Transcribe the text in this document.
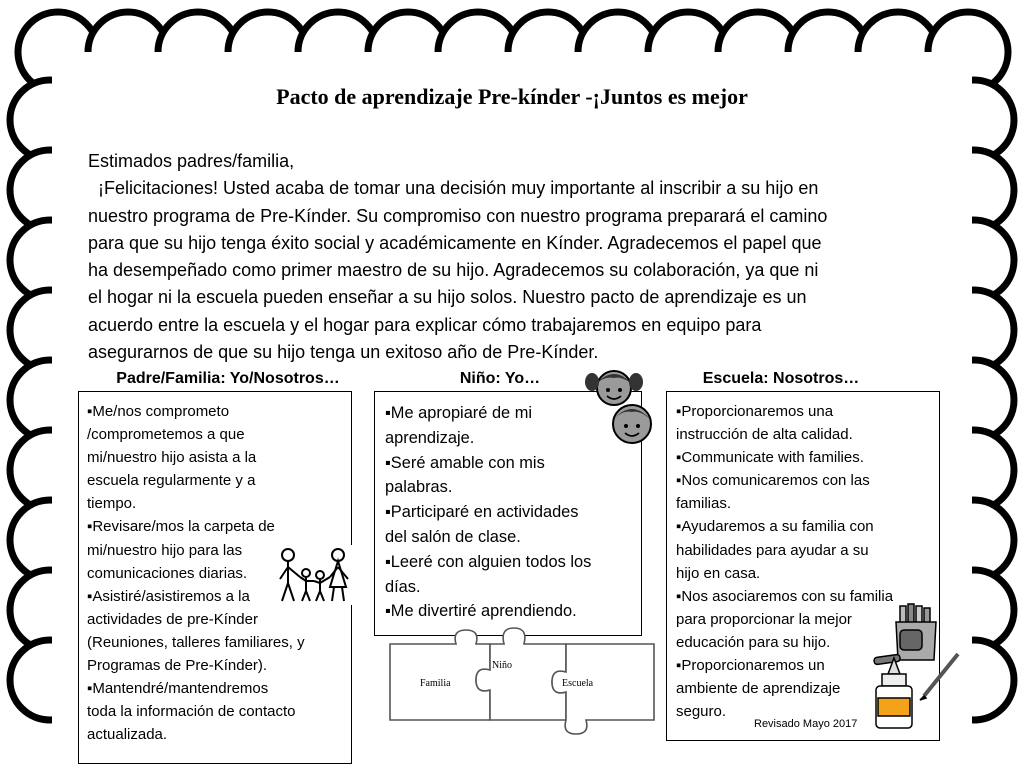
Pacto de aprendizaje Pre-kínder -¡Juntos es mejor

Estimados padres/familia,

¡Felicitaciones! Usted acaba de tomar una decisión muy importante al inscribir a su hijo en

nuestro programa de Pre-Kínder. Su compromiso con nuestro programa preparará el camino

para que su hijo tenga éxito social y académicamente en Kínder. Agradecemos el papel que

ha desempeñado como primer maestro de su hijo. Agradecemos su colaboración, ya que ni

el hogar ni la escuela pueden enseñar a su hijo solos. Nuestro pacto de aprendizaje es un

acuerdo entre la escuela y el hogar para explicar cómo trabajaremos en equipo para

asegurarnos de que su hijo tenga un exitoso año de Pre-Kínder.

Padre/Familia: Yo/Nosotros…	Niño: Yo…	Escuela: Nosotros…
▪Me/nos comprometo
/comprometemos a que
mi/nuestro hijo asista a la
escuela regularmente y a
tiempo.
▪Revisare/mos la carpeta de
mi/nuestro hijo para las
comunicaciones diarias.
▪Asistiré/asistiremos a la
actividades de pre-Kínder
(Reuniones, talleres familiares, y
Programas de Pre-Kínder).
▪Mantendré/mantendremos
toda la información de contacto
actualizada.
▪Me apropiaré de mi
aprendizaje.
▪Seré amable con mis
palabras.
▪Participaré en actividades
del salón de clase.
▪Leeré con alguien todos los
días.
▪Me divertiré aprendiendo.
▪Proporcionaremos una
instrucción de alta calidad.
▪Communicate with families.
▪Nos comunicaremos con las
familias.
▪Ayudaremos a su familia con
habilidades para ayudar a su
hijo en casa.
▪Nos asociaremos con su familia
para proporcionar la mejor
educación para su hijo.
▪Proporcionaremos un
ambiente de aprendizaje
seguro.
Revisado Mayo 2017
Familia
Niño
Escuela
